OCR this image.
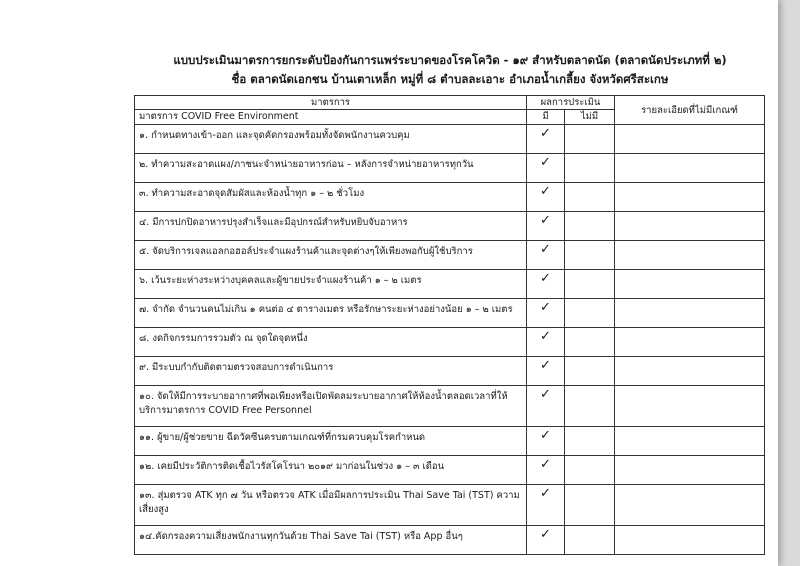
แบบประเมินมาตรการยกระดับป้องกันการแพร่ระบาดของโรคโควิด - ๑๙ สำหรับตลาดนัด (ตลาดนัดประเภทที่ ๒)
ชื่อ ตลาดนัดเอกชน บ้านเตาเหล็ก หมู่ที่ ๘ ตำบลละเอาะ อำเภอน้ำเกลี้ยง จังหวัดศรีสะเกษ
มาตรการ	ผลการประเมิน		รายละเอียดที่ไม่มีเกณฑ์
มาตรการ COVID Free Environment	มี	ไม่มี	
๑. กำหนดทางเข้า-ออก และจุดคัดกรองพร้อมทั้งจัดพนักงานควบคุม	✓		
๒. ทำความสะอาดแผง/ภาชนะจำหน่ายอาหารก่อน – หลังการจำหน่ายอาหารทุกวัน	✓		
๓. ทำความสะอาดจุดสัมผัสและห้องน้ำทุก ๑ – ๒ ชั่วโมง	✓		
๔. มีการปกปิดอาหารปรุงสำเร็จและมีอุปกรณ์สำหรับหยิบจับอาหาร	✓		
๕. จัดบริการเจลแอลกอฮอล์ประจำแผงร้านค้าและจุดต่างๆให้เพียงพอกับผู้ใช้บริการ	✓		
๖. เว้นระยะห่างระหว่างบุคคลและผู้ขายประจำแผงร้านค้า ๑ – ๒ เมตร	✓		
๗. จำกัด จำนวนคนไม่เกิน ๑ คนต่อ ๔ ตารางเมตร หรือรักษาระยะห่างอย่างน้อย ๑ – ๒ เมตร	✓		
๘. งดกิจกรรมการรวมตัว ณ จุดใดจุดหนึ่ง	✓		
๙. มีระบบกำกับติดตามตรวจสอบการดำเนินการ	✓		
๑๐. จัดให้มีการระบายอากาศที่พอเพียงหรือเปิดพัดลมระบายอากาศให้ห้องน้ำตลอดเวลาที่ให้บริการมาตรการ COVID Free Personnel	✓		
๑๑. ผู้ขาย/ผู้ช่วยขาย ฉีดวัคซีนครบตามเกณฑ์ที่กรมควบคุมโรคกำหนด	✓		
๑๒. เคยมีประวัติการติดเชื้อไวรัสโคโรนา ๒๐๑๙ มาก่อนในช่วง ๑ – ๓ เดือน	✓		
๑๓. สุ่มตรวจ ATK ทุก ๗ วัน หรือตรวจ ATK เมื่อมีผลการประเมิน Thai Save Tai (TST) ความเสี่ยงสูง	✓		
๑๔.คัดกรองความเสี่ยงพนักงานทุกวันด้วย Thai Save Tai (TST) หรือ App อื่นๆ	✓		
